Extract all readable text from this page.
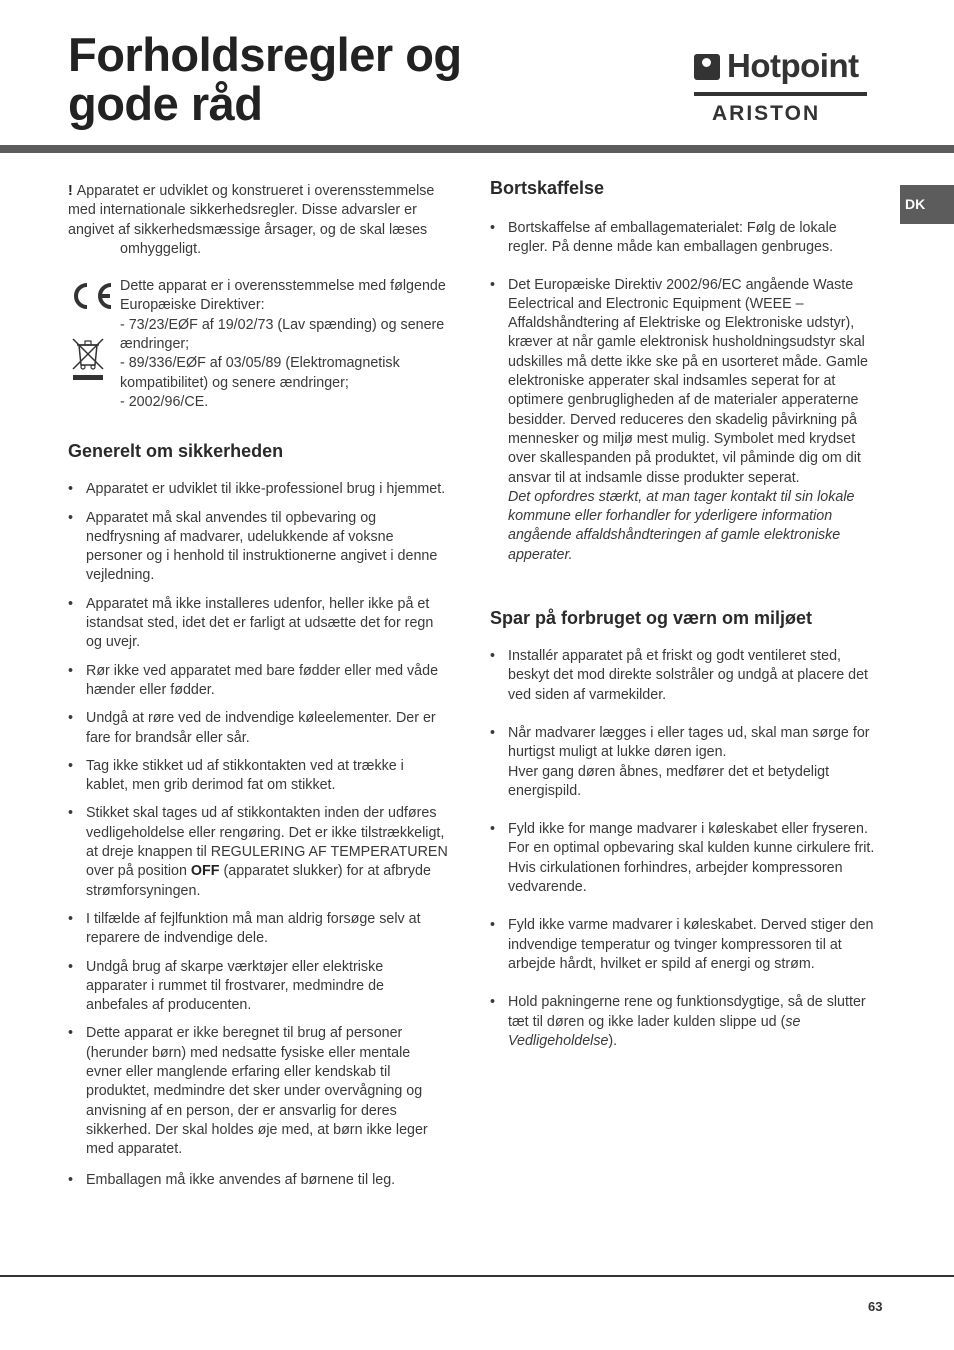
Forholdsregler og
gode råd
Hotpoint
ARISTON
DK

! Apparatet er udviklet og konstrueret i overensstemmelse med internationale sikkerhedsregler. Disse advarsler er angivet af sikkerhedsmæssige årsager, og de skal læses
omhyggeligt.

Dette apparat er i overensstemmelse med følgende Europæiske Direktiver:

- 73/23/EØF af 19/02/73 (Lav spænding) og senere ændringer;

- 89/336/EØF af 03/05/89 (Elektromagnetisk kompatibilitet) og senere ændringer;

- 2002/96/CE.

Generelt om sikkerheden
• Apparatet er udviklet til ikke-professionel brug i hjemmet.
• Apparatet må skal anvendes til opbevaring og nedfrysning af madvarer, udelukkende af voksne personer og i henhold til instruktionerne angivet i denne vejledning.
• Apparatet må ikke installeres udenfor, heller ikke på et istandsat sted, idet det er farligt at udsætte det for regn og uvejr.
• Rør ikke ved apparatet med bare fødder eller med våde hænder eller fødder.
• Undgå at røre ved de indvendige køleelementer. Der er fare for brandsår eller sår.
• Tag ikke stikket ud af stikkontakten ved at trække i kablet, men grib derimod fat om stikket.
• Stikket skal tages ud af stikkontakten inden der udføres vedligeholdelse eller rengøring. Det er ikke tilstrækkeligt, at dreje knappen til REGULERING AF TEMPERATUREN over på position OFF (apparatet slukker) for at afbryde strømforsyningen.
• I tilfælde af fejlfunktion må man aldrig forsøge selv at reparere de indvendige dele.
• Undgå brug af skarpe værktøjer eller elektriske apparater i rummet til frostvarer, medmindre de anbefales af producenten.
• Dette apparat er ikke beregnet til brug af personer (herunder børn) med nedsatte fysiske eller mentale evner eller manglende erfaring eller kendskab til produktet, medmindre det sker under overvågning og anvisning af en person, der er ansvarlig for deres sikkerhed. Der skal holdes øje med, at børn ikke leger med apparatet.
• Emballagen må ikke anvendes af børnene til leg.
Bortskaffelse
• Bortskaffelse af emballagematerialet: Følg de lokale regler. På denne måde kan emballagen genbruges.
• Det Europæiske Direktiv 2002/96/EC angående Waste Eelectrical and Electronic Equipment (WEEE – Affaldshåndtering af Elektriske og Elektroniske udstyr), kræver at når gamle elektronisk husholdningsudstyr skal udskilles må dette ikke ske på en usorteret måde. Gamle elektroniske apperater skal indsamles seperat for at optimere genbrugligheden af de materialer apperaterne besidder. Derved reduceres den skadelig påvirkning på mennesker og miljø mest mulig. Symbolet med krydset over skallespanden på produktet, vil påminde dig om dit ansvar til at indsamle disse produkter seperat.
Det opfordres stærkt, at man tager kontakt til sin lokale kommune eller forhandler for yderligere information angående affaldshåndteringen af gamle elektroniske apperater.
Spar på forbruget og værn om miljøet
• Installér apparatet på et friskt og godt ventileret sted, beskyt det mod direkte solstråler og undgå at placere det ved siden af varmekilder.
• Når madvarer lægges i eller tages ud, skal man sørge for hurtigst muligt at lukke døren igen.
Hver gang døren åbnes, medfører det et betydeligt energispild.
• Fyld ikke for mange madvarer i køleskabet eller fryseren. For en optimal opbevaring skal kulden kunne cirkulere frit. Hvis cirkulationen forhindres, arbejder kompressoren vedvarende.
• Fyld ikke varme madvarer i køleskabet. Derved stiger den indvendige temperatur og tvinger kompressoren til at arbejde hårdt, hvilket er spild af energi og strøm.
• Hold pakningerne rene og funktionsdygtige, så de slutter tæt til døren og ikke lader kulden slippe ud (se Vedligeholdelse).
63
